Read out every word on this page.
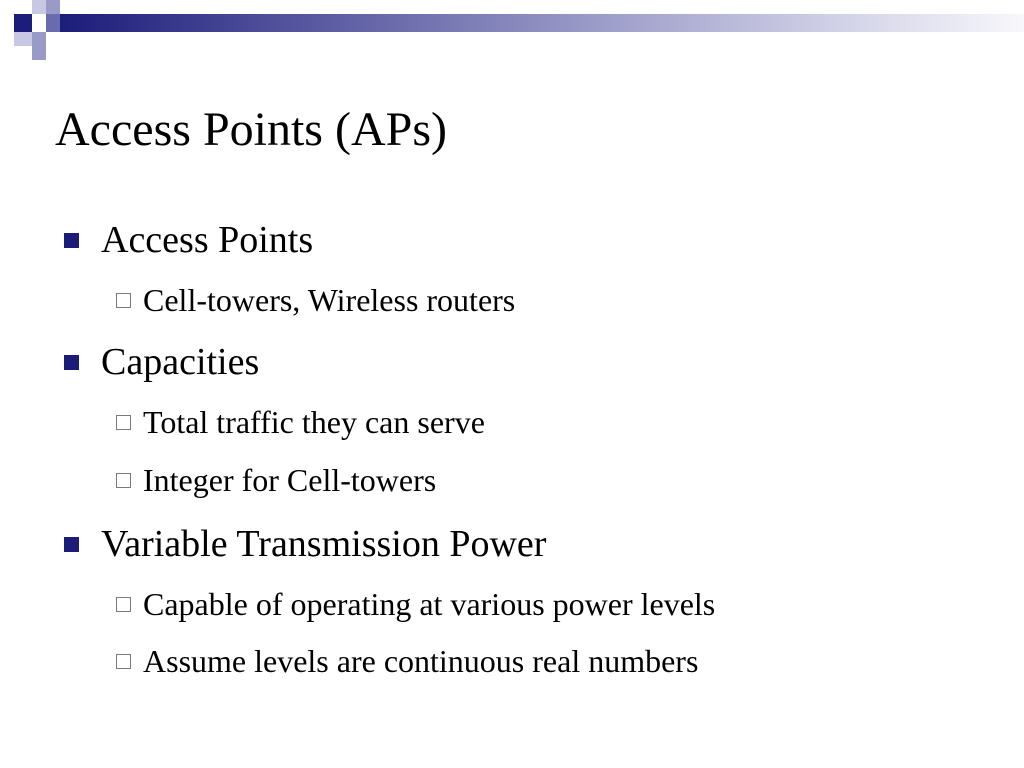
Access Points (APs)
Access Points
Cell-towers, Wireless routers
Capacities
Total traffic they can serve
Integer for Cell-towers
Variable Transmission Power
Capable of operating at various power levels
Assume levels are continuous real numbers
